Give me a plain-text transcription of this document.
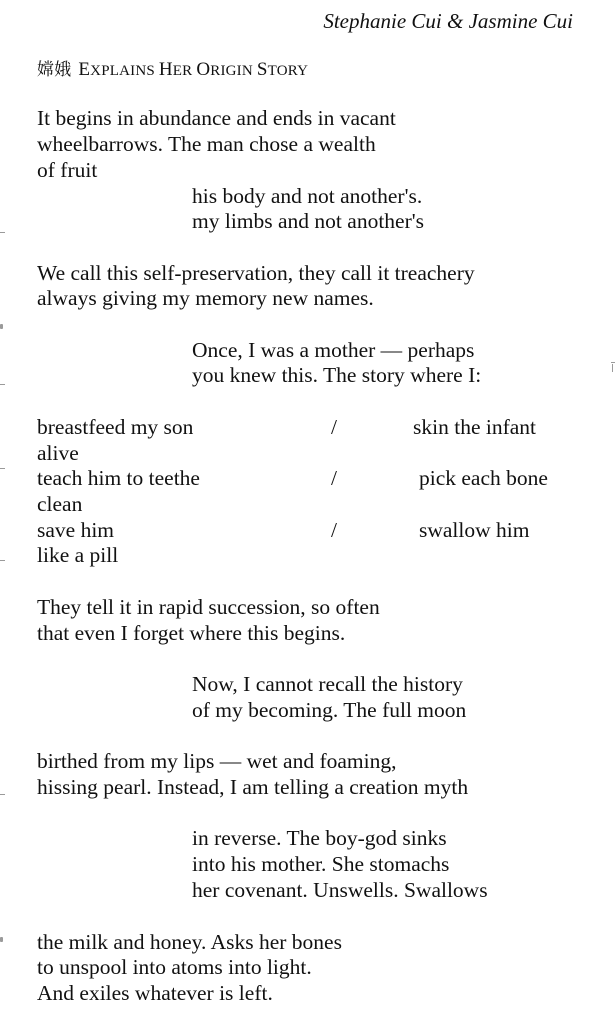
Stephanie Cui & Jasmine Cui
嫦娥 EXPLAINS HER ORIGIN STORY
It begins in abundance and ends in vacant
wheelbarrows. The man chose a wealth
of fruit
his body and not another's.
my limbs and not another's
We call this self-preservation, they call it treachery
always giving my memory new names.
Once, I was a mother — perhaps
you knew this. The story where I:
breastfeed my son	/	skin the infant
alive
teach him to teethe	/	pick each bone
clean
save him	/	swallow him
like a pill
They tell it in rapid succession, so often
that even I forget where this begins.
Now, I cannot recall the history
of my becoming. The full moon
birthed from my lips — wet and foaming,
hissing pearl. Instead, I am telling a creation myth
in reverse. The boy-god sinks
into his mother. She stomachs
her covenant. Unswells. Swallows
the milk and honey. Asks her bones
to unspool into atoms into light.
And exiles whatever is left.
